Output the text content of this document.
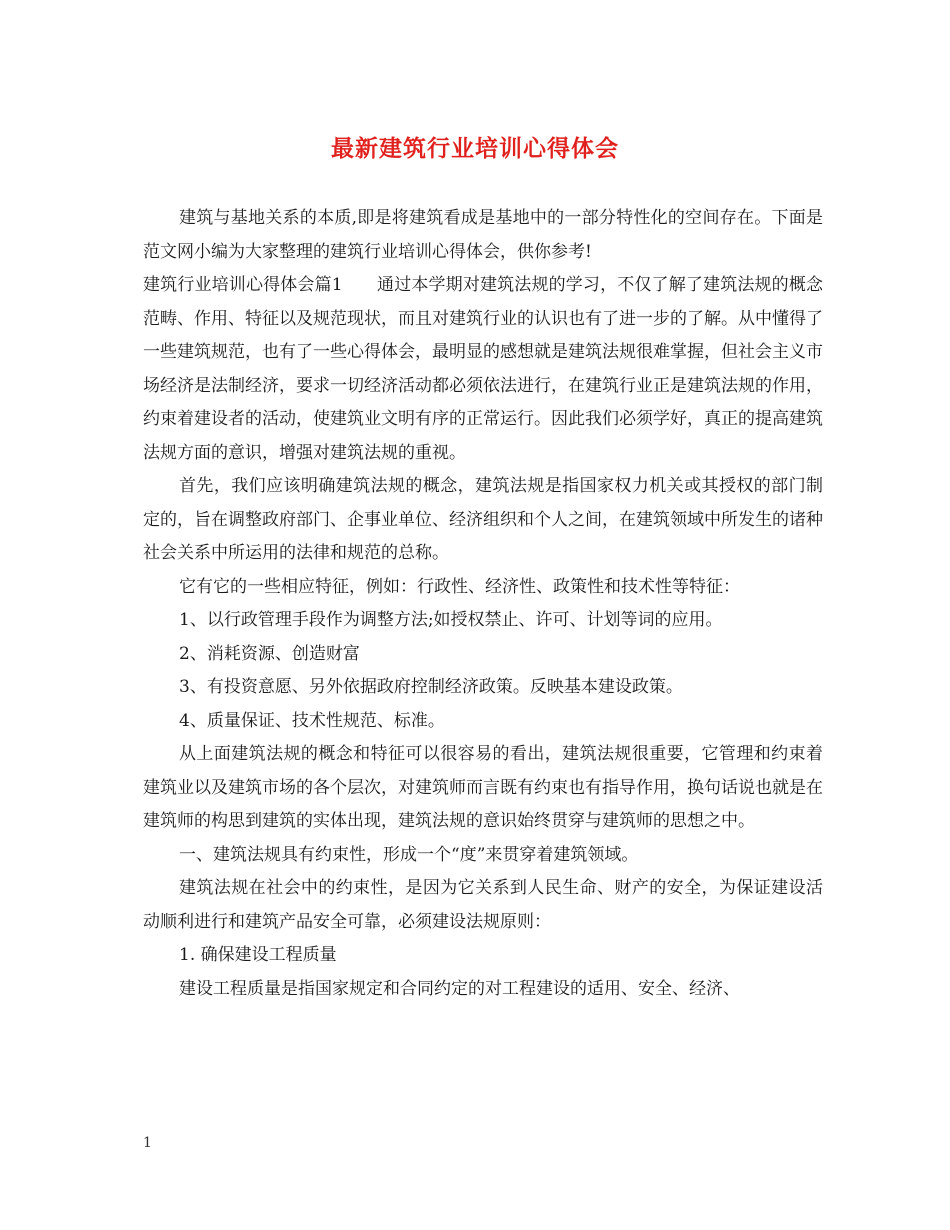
最新建筑行业培训心得体会

建筑与基地关系的本质,即是将建筑看成是基地中的一部分特性化的空间存在。下面是范文网小编为大家整理的建筑行业培训心得体会，供你参考!

建筑行业培训心得体会篇1　　通过本学期对建筑法规的学习，不仅了解了建筑法规的概念范畴、作用、特征以及规范现状，而且对建筑行业的认识也有了进一步的了解。从中懂得了一些建筑规范，也有了一些心得体会，最明显的感想就是建筑法规很难掌握，但社会主义市场经济是法制经济，要求一切经济活动都必须依法进行，在建筑行业正是建筑法规的作用，约束着建设者的活动，使建筑业文明有序的正常运行。因此我们必须学好，真正的提高建筑法规方面的意识，增强对建筑法规的重视。

首先，我们应该明确建筑法规的概念，建筑法规是指国家权力机关或其授权的部门制定的，旨在调整政府部门、企事业单位、经济组织和个人之间，在建筑领域中所发生的诸种社会关系中所运用的法律和规范的总称。

它有它的一些相应特征，例如：行政性、经济性、政策性和技术性等特征：

1、以行政管理手段作为调整方法;如授权禁止、许可、计划等词的应用。

2、消耗资源、创造财富

3、有投资意愿、另外依据政府控制经济政策。反映基本建设政策。

4、质量保证、技术性规范、标准。

从上面建筑法规的概念和特征可以很容易的看出，建筑法规很重要，它管理和约束着建筑业以及建筑市场的各个层次，对建筑师而言既有约束也有指导作用，换句话说也就是在建筑师的构思到建筑的实体出现，建筑法规的意识始终贯穿与建筑师的思想之中。

一、建筑法规具有约束性，形成一个“度”来贯穿着建筑领域。

建筑法规在社会中的约束性，是因为它关系到人民生命、财产的安全，为保证建设活动顺利进行和建筑产品安全可靠，必须建设法规原则：

1. 确保建设工程质量

建设工程质量是指国家规定和合同约定的对工程建设的适用、安全、经济、

1
